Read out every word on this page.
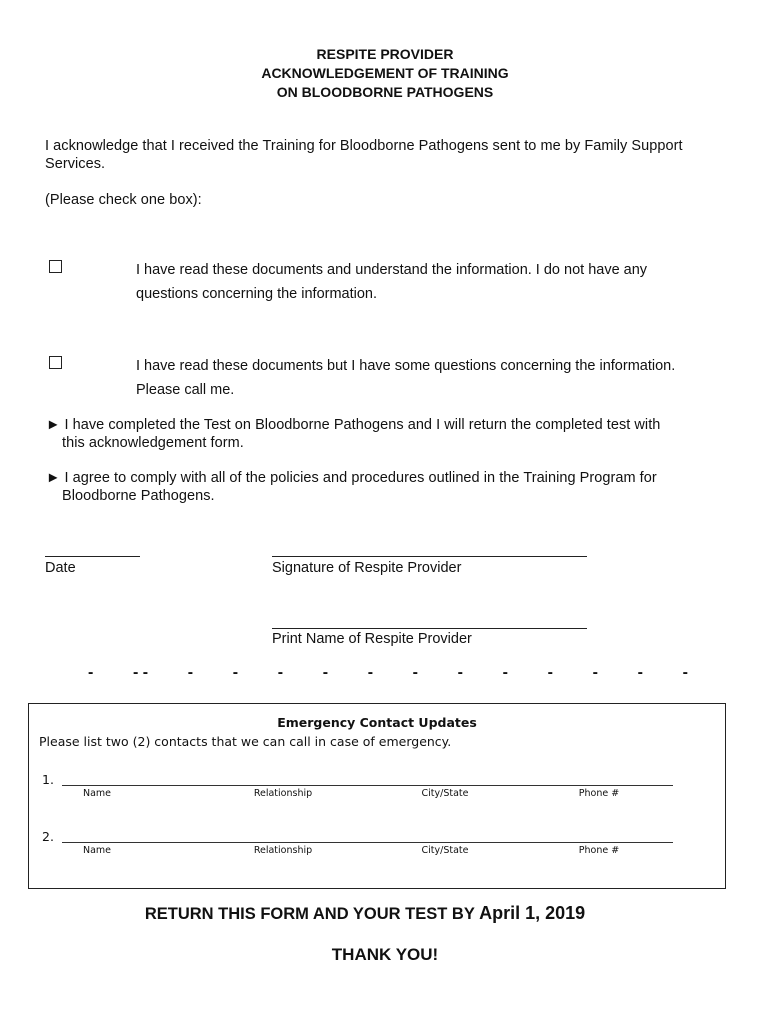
RESPITE PROVIDER
ACKNOWLEDGEMENT OF TRAINING
ON BLOODBORNE PATHOGENS
I acknowledge that I received the Training for Bloodborne Pathogens sent to me by Family Support
Services.
(Please check one box):
I have read these documents and understand the information. I do not have any
questions concerning the information.
I have read these documents but I have some questions concerning the information.
Please call me.
► I have completed the Test on Bloodborne Pathogens and I will return the completed test with
this acknowledgement form.
► I agree to comply with all of the policies and procedures outlined in the Training Program for
Bloodborne Pathogens.
Date	Signature of Respite Provider
Print Name of Respite Provider
- - - - - - - - - - - - - - -
Emergency Contact Updates
Please list two (2) contacts that we can call in case of emergency.
1.
Name	Relationship	City/State	Phone #
2.
Name	Relationship	City/State	Phone #
RETURN THIS FORM AND YOUR TEST BY April 1, 2019
THANK YOU!
